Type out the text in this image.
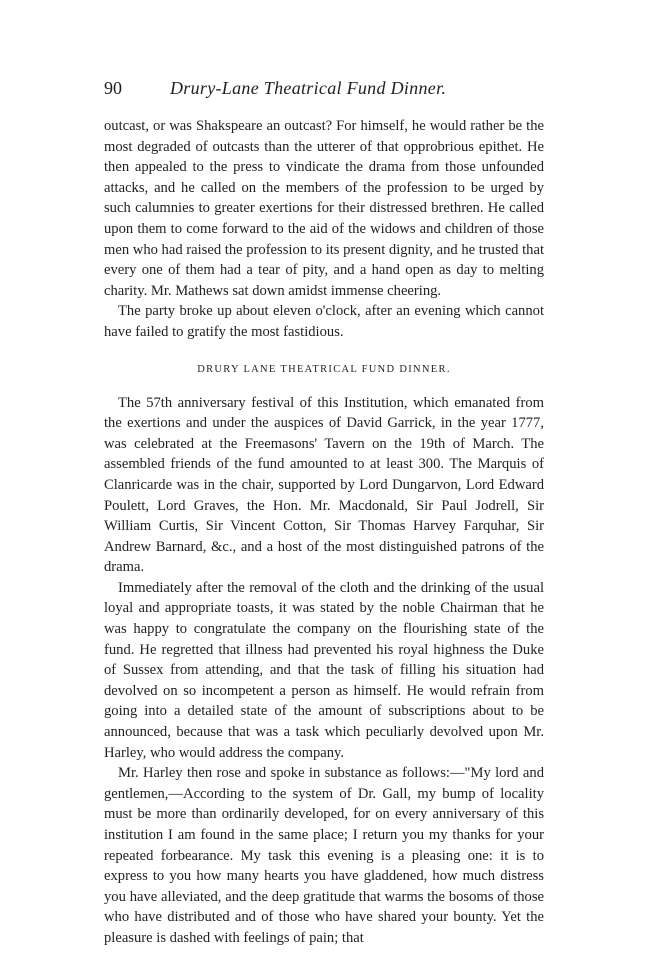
90	Drury-Lane Theatrical Fund Dinner.

outcast, or was Shakspeare an outcast? For himself, he would rather be the most degraded of outcasts than the utterer of that opprobrious epithet. He then appealed to the press to vindicate the drama from those unfounded attacks, and he called on the members of the profession to be urged by such calumnies to greater exertions for their distressed brethren. He called upon them to come forward to the aid of the widows and children of those men who had raised the profession to its present dignity, and he trusted that every one of them had a tear of pity, and a hand open as day to melting charity. Mr. Mathews sat down amidst immense cheering.

The party broke up about eleven o'clock, after an evening which cannot have failed to gratify the most fastidious.

DRURY LANE THEATRICAL FUND DINNER.

The 57th anniversary festival of this Institution, which emanated from the exertions and under the auspices of David Garrick, in the year 1777, was celebrated at the Freemasons' Tavern on the 19th of March. The assembled friends of the fund amounted to at least 300. The Marquis of Clanricarde was in the chair, supported by Lord Dungarvon, Lord Edward Poulett, Lord Graves, the Hon. Mr. Macdonald, Sir Paul Jodrell, Sir William Curtis, Sir Vincent Cotton, Sir Thomas Harvey Farquhar, Sir Andrew Barnard, &c., and a host of the most distinguished patrons of the drama.

Immediately after the removal of the cloth and the drinking of the usual loyal and appropriate toasts, it was stated by the noble Chairman that he was happy to congratulate the company on the flourishing state of the fund. He regretted that illness had prevented his royal highness the Duke of Sussex from attending, and that the task of filling his situation had devolved on so incompetent a person as himself. He would refrain from going into a detailed state of the amount of subscriptions about to be announced, because that was a task which peculiarly devolved upon Mr. Harley, who would address the company.

Mr. Harley then rose and spoke in substance as follows:—"My lord and gentlemen,—According to the system of Dr. Gall, my bump of locality must be more than ordinarily developed, for on every anniversary of this institution I am found in the same place; I return you my thanks for your repeated forbearance. My task this evening is a pleasing one: it is to express to you how many hearts you have gladdened, how much distress you have alleviated, and the deep gratitude that warms the bosoms of those who have distributed and of those who have shared your bounty. Yet the pleasure is dashed with feelings of pain; that
